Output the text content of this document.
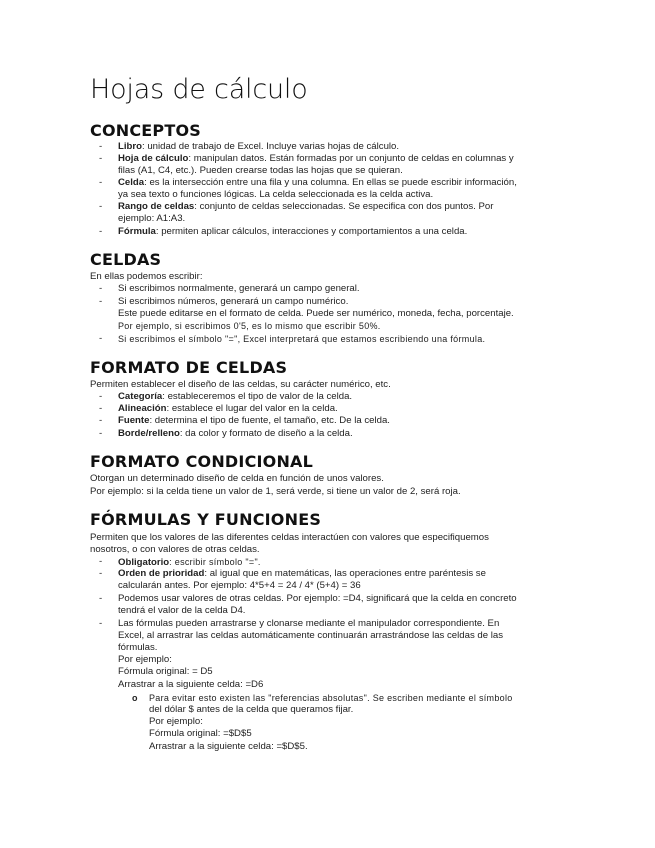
Hojas de cálculo
CONCEPTOS
- Libro: unidad de trabajo de Excel. Incluye varias hojas de cálculo.
- Hoja de cálculo: manipulan datos. Están formadas por un conjunto de celdas en columnas y
filas (A1, C4, etc.). Pueden crearse todas las hojas que se quieran.
- Celda: es la intersección entre una fila y una columna. En ellas se puede escribir información,
ya sea texto o funciones lógicas. La celda seleccionada es la celda activa.
- Rango de celdas: conjunto de celdas seleccionadas. Se especifica con dos puntos. Por
ejemplo: A1:A3.
- Fórmula: permiten aplicar cálculos, interacciones y comportamientos a una celda.
CELDAS
En ellas podemos escribir:
- Si escribimos normalmente, generará un campo general.
- Si escribimos números, generará un campo numérico.
Este puede editarse en el formato de celda. Puede ser numérico, moneda, fecha, porcentaje.
Por ejemplo, si escribimos 0'5, es lo mismo que escribir 50%.
- Si escribimos el símbolo "=", Excel interpretará que estamos escribiendo una fórmula.
FORMATO DE CELDAS
Permiten establecer el diseño de las celdas, su carácter numérico, etc.
- Categoría: estableceremos el tipo de valor de la celda.
- Alineación: establece el lugar del valor en la celda.
- Fuente: determina el tipo de fuente, el tamaño, etc. De la celda.
- Borde/relleno: da color y formato de diseño a la celda.
FORMATO CONDICIONAL
Otorgan un determinado diseño de celda en función de unos valores.
Por ejemplo: si la celda tiene un valor de 1, será verde, si tiene un valor de 2, será roja.
FÓRMULAS Y FUNCIONES
Permiten que los valores de las diferentes celdas interactúen con valores que especifiquemos
nosotros, o con valores de otras celdas.
- Obligatorio: escribir símbolo "=".
- Orden de prioridad: al igual que en matemáticas, las operaciones entre paréntesis se
calcularán antes. Por ejemplo: 4*5+4 = 24 / 4* (5+4) = 36
- Podemos usar valores de otras celdas. Por ejemplo: =D4, significará que la celda en concreto
tendrá el valor de la celda D4.
- Las fórmulas pueden arrastrarse y clonarse mediante el manipulador correspondiente. En
Excel, al arrastrar las celdas automáticamente continuarán arrastrándose las celdas de las
fórmulas.
Por ejemplo:
Fórmula original: = D5
Arrastrar a la siguiente celda: =D6
o Para evitar esto existen las "referencias absolutas". Se escriben mediante el símbolo
del dólar $ antes de la celda que queramos fijar.
Por ejemplo:
Fórmula original: =$D$5
Arrastrar a la siguiente celda: =$D$5.
